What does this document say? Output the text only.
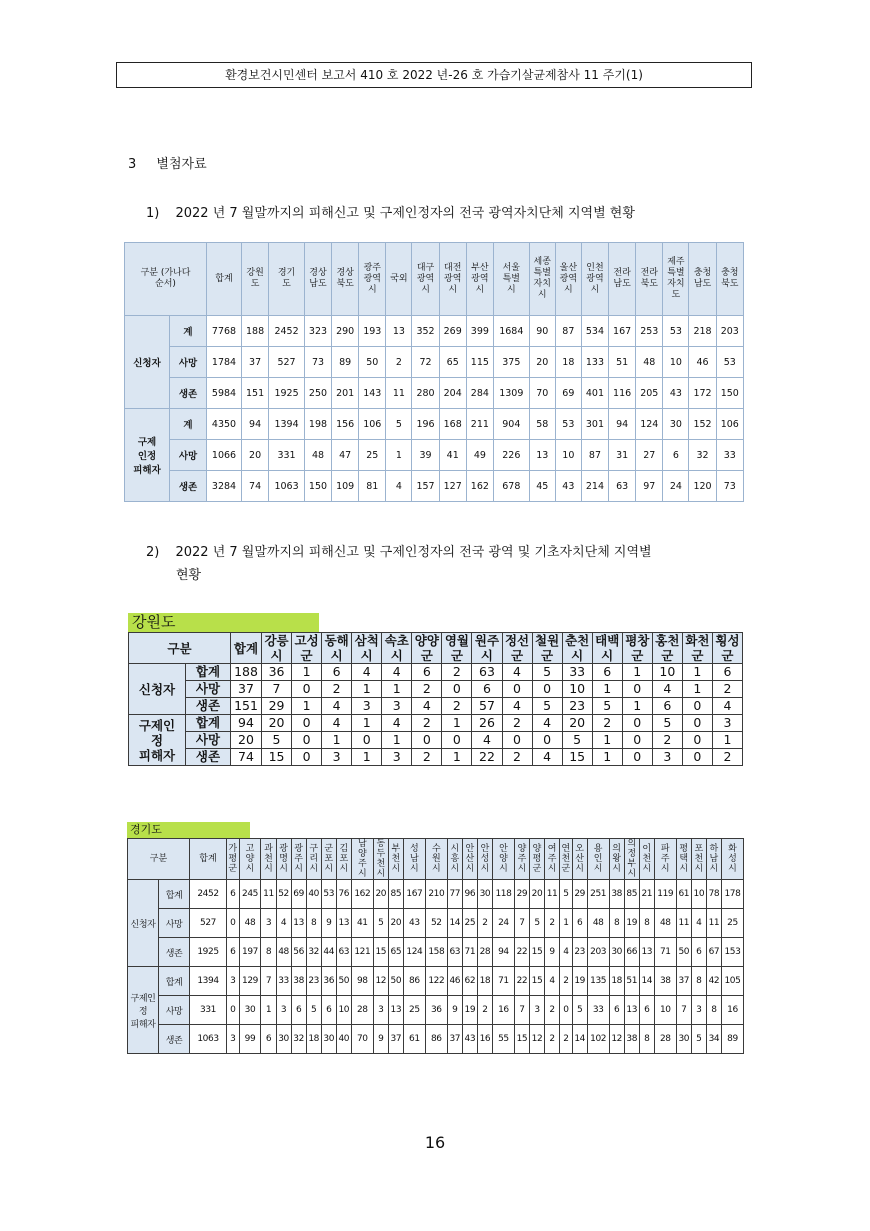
환경보건시민센터 보고서 410 호 2022 년-26 호 가습기살균제참사 11 주기(1)
3 별첨자료
1) 2022 년 7 월말까지의 피해신고 및 구제인정자의 전국 광역자치단체 지역별 현황
구분 (가나다
순서)		합계	강원
도	경기
도	경상
남도	경상
북도	광주
광역
시	국외	대구
광역
시	대전
광역
시	부산
광역
시	서울
특별
시	세종
특별
자치
시	울산
광역
시	인천
광역
시	전라
남도	전라
북도	제주
특별
자치
도	충청
남도	충청
북도

신청자	계	7768	188	2452	323	290	193	13	352	269	399	1684	90	87	534	167	253	53	218	203
	사망	1784	37	527	73	89	50	2	72	65	115	375	20	18	133	51	48	10	46	53
	생존	5984	151	1925	250	201	143	11	280	204	284	1309	70	69	401	116	205	43	172	150

구제
인정
피해자	계	4350	94	1394	198	156	106	5	196	168	211	904	58	53	301	94	124	30	152	106
	사망	1066	20	331	48	47	25	1	39	41	49	226	13	10	87	31	27	6	32	33
	생존	3284	74	1063	150	109	81	4	157	127	162	678	45	43	214	63	97	24	120	73
2) 2022 년 7 월말까지의 피해신고 및 구제인정자의 전국 광역 및 기초자치단체 지역별
현황
강원도
구분		합계	강릉
시	고성
군	동해
시	삼척
시	속초
시	양양
군	영월
군	원주
시	정선
군	철원
군	춘천
시	태백
시	평창
군	홍천
군	화천
군	횡성
군

신청자	합계	188	36	1	6	4	4	6	2	63	4	5	33	6	1	10	1	6
	사망	37	7	0	2	1	1	2	0	6	0	0	10	1	0	4	1	2
	생존	151	29	1	4	3	3	4	2	57	4	5	23	5	1	6	0	4

구제인
정
피해자	합계	94	20	0	4	1	4	2	1	26	2	4	20	2	0	5	0	3
	사망	20	5	0	1	0	1	0	0	4	0	0	5	1	0	2	0	1
	생존	74	15	0	3	1	3	2	1	22	2	4	15	1	0	3	0	2
경기도
구분		합계	가
평
군	고
양
시	과
천
시	광
명
시	광
주
시	구
리
시	군
포
시	김
포
시	남
양
주
시	동
두
천
시	부
천
시	성
남
시	수
원
시	시
흥
시	안
산
시	안
성
시	안
양
시	양
주
시	양
평
군	여
주
시	연
천
군	오
산
시	용
인
시	의
왕
시	의
정
부
시	이
천
시	파
주
시	평
택
시	포
천
시	하
남
시	화
성
시

신청자	합계	2452	6	245	11	52	69	40	53	76	162	20	85	167	210	77	96	30	118	29	20	11	5	29	251	38	85	21	119	61	10	78	178
	사망	527	0	48	3	4	13	8	9	13	41	5	20	43	52	14	25	2	24	7	5	2	1	6	48	8	19	8	48	11	4	11	25
	생존	1925	6	197	8	48	56	32	44	63	121	15	65	124	158	63	71	28	94	22	15	9	4	23	203	30	66	13	71	50	6	67	153

구제인
정
피해자	합계	1394	3	129	7	33	38	23	36	50	98	12	50	86	122	46	62	18	71	22	15	4	2	19	135	18	51	14	38	37	8	42	105
	사망	331	0	30	1	3	6	5	6	10	28	3	13	25	36	9	19	2	16	7	3	2	0	5	33	6	13	6	10	7	3	8	16
	생존	1063	3	99	6	30	32	18	30	40	70	9	37	61	86	37	43	16	55	15	12	2	2	14	102	12	38	8	28	30	5	34	89
16
